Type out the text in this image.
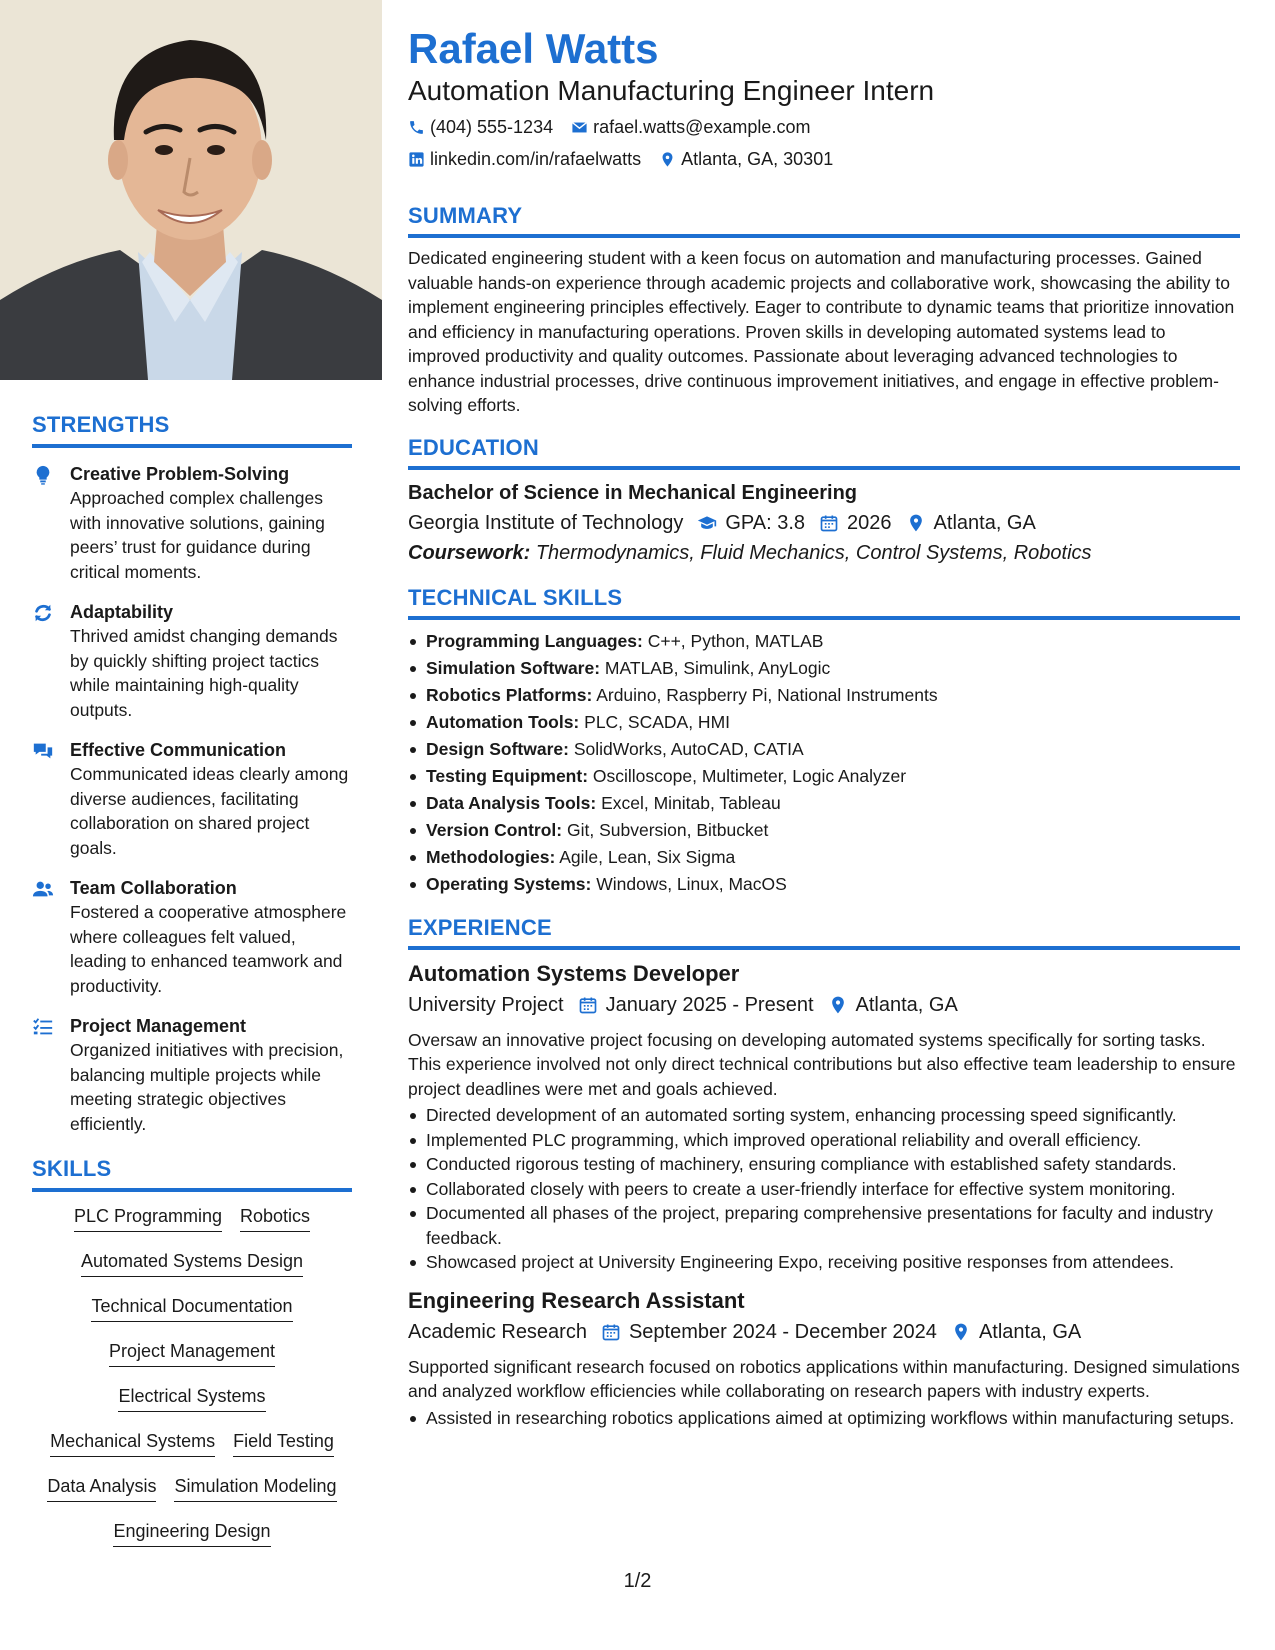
STRENGTHS
Creative Problem-Solving
Approached complex challenges with innovative solutions, gaining peers’ trust for guidance during critical moments.
Adaptability
Thrived amidst changing demands by quickly shifting project tactics while maintaining high-quality outputs.
Effective Communication
Communicated ideas clearly among diverse audiences, facilitating collaboration on shared project goals.
Team Collaboration
Fostered a cooperative atmosphere where colleagues felt valued, leading to enhanced teamwork and productivity.
Project Management
Organized initiatives with precision, balancing multiple projects while meeting strategic objectives efficiently.
SKILLS
PLC Programming Robotics
Automated Systems Design
Technical Documentation
Project Management
Electrical Systems
Mechanical Systems Field Testing
Data Analysis Simulation Modeling
Engineering Design
Rafael Watts
Automation Manufacturing Engineer Intern
(404) 555-1234 rafael.watts@example.com
linkedin.com/in/rafaelwatts Atlanta, GA, 30301
SUMMARY
Dedicated engineering student with a keen focus on automation and manufacturing processes. Gained valuable hands-on experience through academic projects and collaborative work, showcasing the ability to implement engineering principles effectively. Eager to contribute to dynamic teams that prioritize innovation and efficiency in manufacturing operations. Proven skills in developing automated systems lead to improved productivity and quality outcomes. Passionate about leveraging advanced technologies to enhance industrial processes, drive continuous improvement initiatives, and engage in effective problem-solving efforts.
EDUCATION
Bachelor of Science in Mechanical Engineering
Georgia Institute of Technology GPA: 3.8 2026 Atlanta, GA
Coursework: Thermodynamics, Fluid Mechanics, Control Systems, Robotics
TECHNICAL SKILLS
Programming Languages: C++, Python, MATLAB
Simulation Software: MATLAB, Simulink, AnyLogic
Robotics Platforms: Arduino, Raspberry Pi, National Instruments
Automation Tools: PLC, SCADA, HMI
Design Software: SolidWorks, AutoCAD, CATIA
Testing Equipment: Oscilloscope, Multimeter, Logic Analyzer
Data Analysis Tools: Excel, Minitab, Tableau
Version Control: Git, Subversion, Bitbucket
Methodologies: Agile, Lean, Six Sigma
Operating Systems: Windows, Linux, MacOS
EXPERIENCE
Automation Systems Developer
University Project January 2025 - Present Atlanta, GA
Oversaw an innovative project focusing on developing automated systems specifically for sorting tasks. This experience involved not only direct technical contributions but also effective team leadership to ensure project deadlines were met and goals achieved.
Directed development of an automated sorting system, enhancing processing speed significantly.
Implemented PLC programming, which improved operational reliability and overall efficiency.
Conducted rigorous testing of machinery, ensuring compliance with established safety standards.
Collaborated closely with peers to create a user-friendly interface for effective system monitoring.
Documented all phases of the project, preparing comprehensive presentations for faculty and industry feedback.
Showcased project at University Engineering Expo, receiving positive responses from attendees.
Engineering Research Assistant
Academic Research September 2024 - December 2024 Atlanta, GA
Supported significant research focused on robotics applications within manufacturing. Designed simulations and analyzed workflow efficiencies while collaborating on research papers with industry experts.
Assisted in researching robotics applications aimed at optimizing workflows within manufacturing setups.
1/2
